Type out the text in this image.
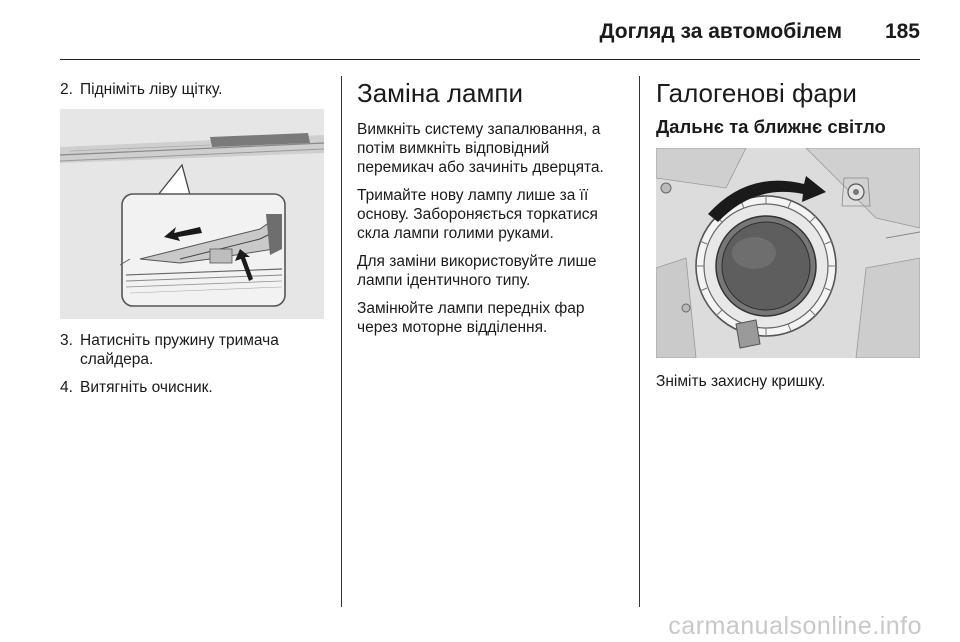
Догляд за автомобілем 185
2. Підніміть ліву щітку.
3. Натисніть пружину тримача слайдера.
4. Витягніть очисник.
Заміна лампи

Вимкніть систему запалювання, а потім вимкніть відповідний перемикач або зачиніть дверцята.

Тримайте нову лампу лише за її основу. Забороняється торкатися скла лампи голими руками.

Для заміни використовуйте лише лампи ідентичного типу.

Замінюйте лампи передніх фар через моторне відділення.

Галогенові фари
Дальнє та ближнє світло

Зніміть захисну кришку.

carmanualsonline.info
